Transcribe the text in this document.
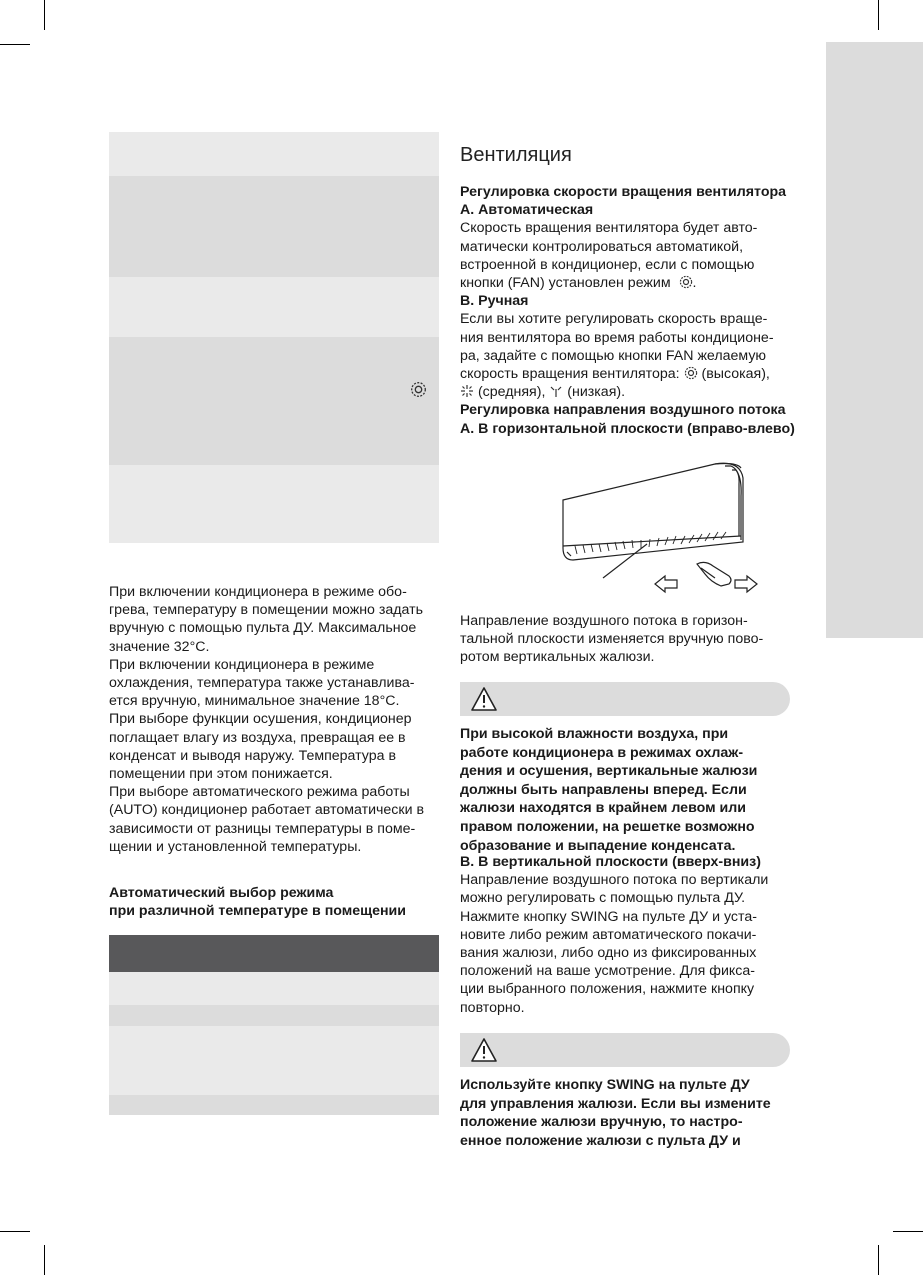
При включении кондиционера в режиме обо-

грева, температуру в помещении можно задать

вручную с помощью пульта ДУ. Максимальное

значение 32°С.

При включении кондиционера в режиме

охлаждения, температура также устанавлива-

ется вручную, минимальное значение 18°С.

При выборе функции осушения, кондиционер

поглащает влагу из воздуха, превращая ее в

конденсат и выводя наружу. Температура в

помещении при этом понижается.

При выборе автоматического режима работы

(AUTO) кондиционер работает автоматически в

зависимости от разницы температуры в поме-

щении и установленной температуры.

Автоматический выбор режима

при различной температуре в помещении

Вентиляция

Регулировка скорости вращения вентилятора

А. Автоматическая

Скорость вращения вентилятора будет авто-

матически контролироваться автоматикой,

встроенной в кондиционер, если с помощью

кнопки (FAN) установлен режим .

В. Ручная

Если вы хотите регулировать скорость враще-

ния вентилятора во время работы кондиционе-

ра, задайте с помощью кнопки FAN желаемую

скорость вращения вентилятора: (высокая),

(средняя), (низкая).

Регулировка направления воздушного потока

А. В горизонтальной плоскости (вправо-влево)

Направление воздушного потока в горизон-

тальной плоскости изменяется вручную пово-

ротом вертикальных жалюзи.

При высокой влажности воздуха, при

работе кондиционера в режимах охлаж-

дения и осушения, вертикальные жалюзи

должны быть направлены вперед. Если

жалюзи находятся в крайнем левом или

правом положении, на решетке возможно

образование и выпадение конденсата.

В. В вертикальной плоскости (вверх-вниз)

Направление воздушного потока по вертикали

можно регулировать с помощью пульта ДУ.

Нажмите кнопку SWING на пульте ДУ и уста-

новите либо режим автоматического покачи-

вания жалюзи, либо одно из фиксированных

положений на ваше усмотрение. Для фикса-

ции выбранного положения, нажмите кнопку

повторно.

Используйте кнопку SWING на пульте ДУ

для управления жалюзи. Если вы измените

положение жалюзи вручную, то настро-

енное положение жалюзи с пульта ДУ и
